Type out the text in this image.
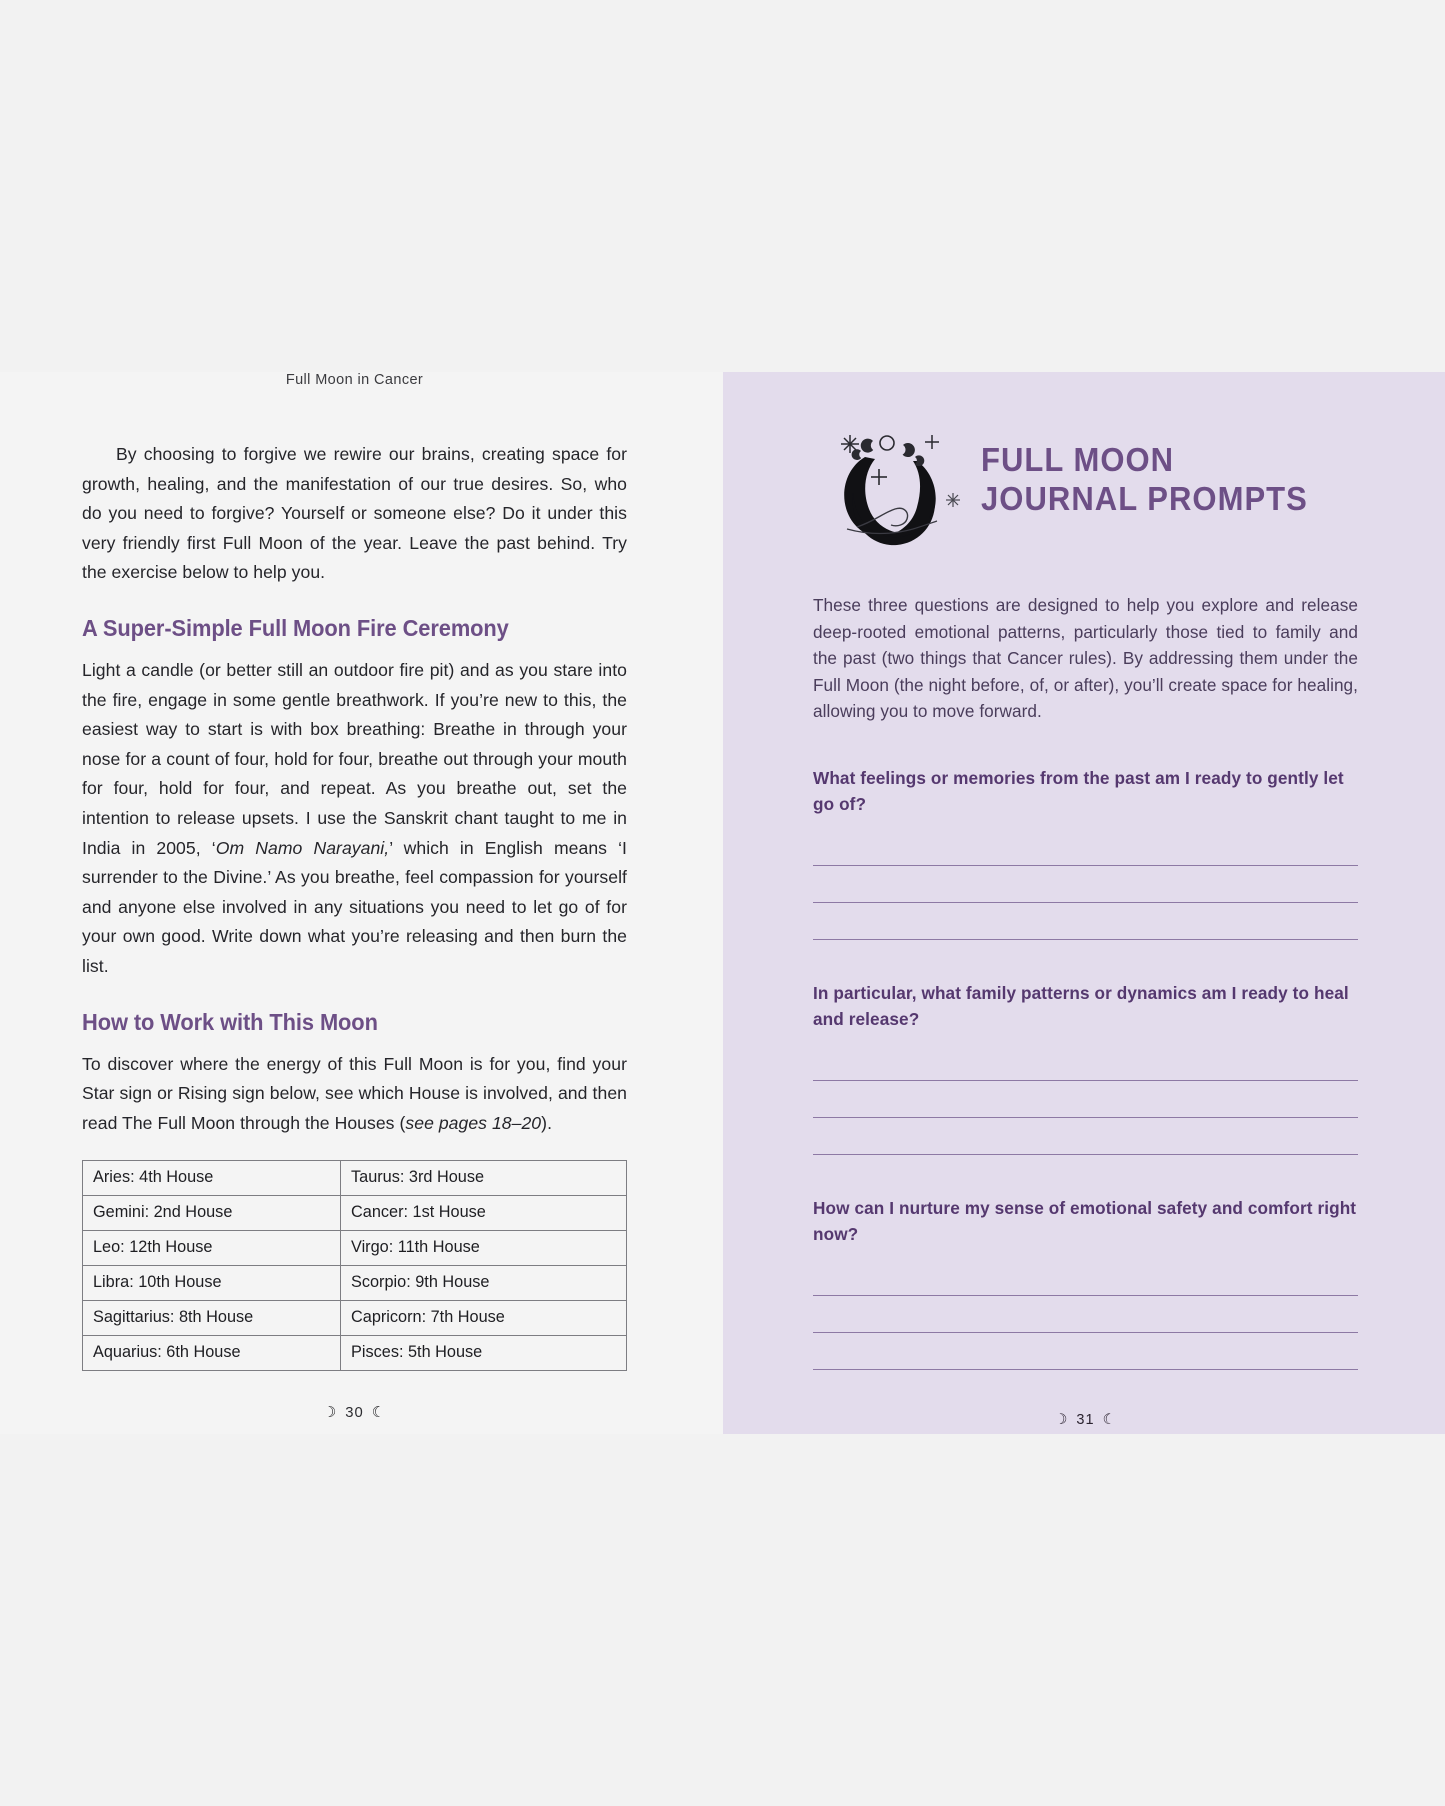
Full Moon in Cancer

By choosing to forgive we rewire our brains, creating space for growth, healing, and the manifestation of our true desires. So, who do you need to forgive? Yourself or someone else? Do it under this very friendly first Full Moon of the year. Leave the past behind. Try the exercise below to help you.

A Super-Simple Full Moon Fire Ceremony

Light a candle (or better still an outdoor fire pit) and as you stare into the fire, engage in some gentle breathwork. If you’re new to this, the easiest way to start is with box breathing: Breathe in through your nose for a count of four, hold for four, breathe out through your mouth for four, hold for four, and repeat. As you breathe out, set the intention to release upsets. I use the Sanskrit chant taught to me in India in 2005, ‘Om Namo Narayani,’ which in English means ‘I surrender to the Divine.’ As you breathe, feel compassion for yourself and anyone else involved in any situations you need to let go of for your own good. Write down what you’re releasing and then burn the list.

How to Work with This Moon

To discover where the energy of this Full Moon is for you, find your Star sign or Rising sign below, see which House is involved, and then read The Full Moon through the Houses (see pages 18–20).

Aries: 4th House	Taurus: 3rd House
Gemini: 2nd House	Cancer: 1st House
Leo: 12th House	Virgo: 11th House
Libra: 10th House	Scorpio: 9th House
Sagittarius: 8th House	Capricorn: 7th House
Aquarius: 6th House	Pisces: 5th House
☽ 30 ☾
FULL MOON
JOURNAL PROMPTS

These three questions are designed to help you explore and release deep-rooted emotional patterns, particularly those tied to family and the past (two things that Cancer rules). By addressing them under the Full Moon (the night before, of, or after), you’ll create space for healing, allowing you to move forward.

What feelings or memories from the past am I ready to gently let go of?

In particular, what family patterns or dynamics am I ready to heal and release?

How can I nurture my sense of emotional safety and comfort right now?

☽ 31 ☾
